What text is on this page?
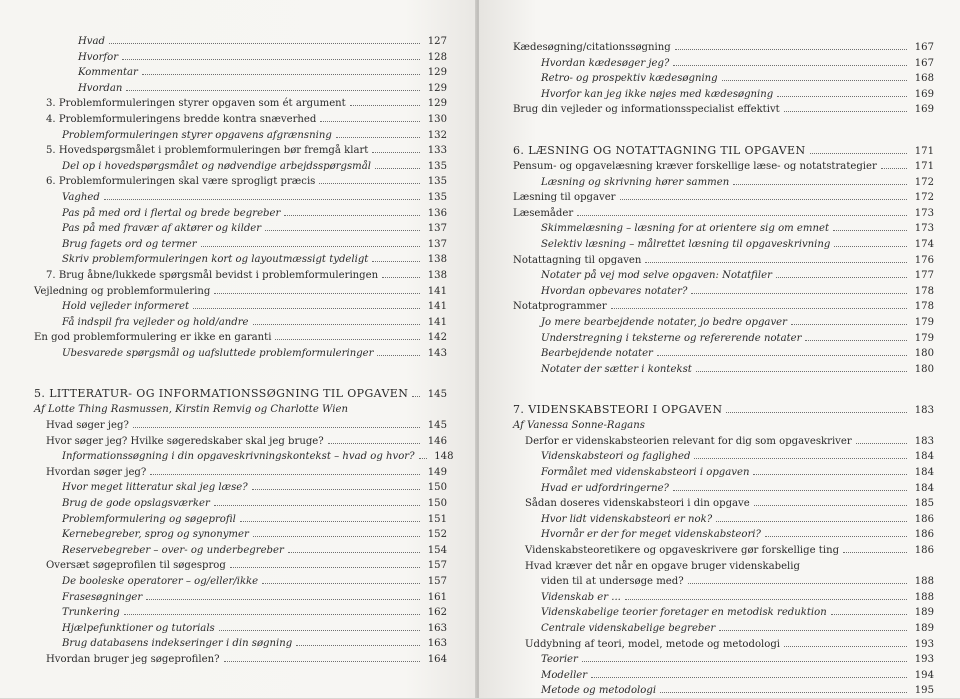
Hvad	127
Hvorfor	128
Kommentar	129
Hvordan	129
3. Problemformuleringen styrer opgaven som ét argument	129
4. Problemformuleringens bredde kontra snæverhed	130
Problemformuleringen styrer opgavens afgrænsning	132
5. Hovedspørgsmålet i problemformuleringen bør fremgå klart	133
Del op i hovedspørgsmålet og nødvendige arbejdsspørgsmål	135
6. Problemformuleringen skal være sprogligt præcis	135
Vaghed	135
Pas på med ord i flertal og brede begreber	136
Pas på med fravær af aktører og kilder	137
Brug fagets ord og termer	137
Skriv problemformuleringen kort og layoutmæssigt tydeligt	138
7. Brug åbne/lukkede spørgsmål bevidst i problemformuleringen	138
Vejledning og problemformulering	141
Hold vejleder informeret	141
Få indspil fra vejleder og hold/andre	141
En god problemformulering er ikke en garanti	142
Ubesvarede spørgsmål og uafsluttede problemformuleringer	143
5. LITTERATUR- OG INFORMATIONSSØGNING TIL OPGAVEN	145
Af Lotte Thing Rasmussen, Kirstin Remvig og Charlotte Wien
Hvad søger jeg?	145
Hvor søger jeg? Hvilke søgeredskaber skal jeg bruge?	146
Informationssøgning i din opgaveskrivningskontekst – hvad og hvor?	148
Hvordan søger jeg?	149
Hvor meget litteratur skal jeg læse?	150
Brug de gode opslagsværker	150
Problemformulering og søgeprofil	151
Kernebegreber, sprog og synonymer	152
Reservebegreber – over- og underbegreber	154
Oversæt søgeprofilen til søgesprog	157
De booleske operatorer – og/eller/ikke	157
Frasesøgninger	161
Trunkering	162
Hjælpefunktioner og tutorials	163
Brug databasens indekseringer i din søgning	163
Hvordan bruger jeg søgeprofilen?	164
Kædesøgning/citationssøgning	167
Hvordan kædesøger jeg?	167
Retro- og prospektiv kædesøgning	168
Hvorfor kan jeg ikke nøjes med kædesøgning	169
Brug din vejleder og informationsspecialist effektivt	169
6. LÆSNING OG NOTATTAGNING TIL OPGAVEN	171
Pensum- og opgavelæsning kræver forskellige læse- og notatstrategier	171
Læsning og skrivning hører sammen	172
Læsning til opgaver	172
Læsemåder	173
Skimmelæsning – læsning for at orientere sig om emnet	173
Selektiv læsning – målrettet læsning til opgaveskrivning	174
Notattagning til opgaven	176
Notater på vej mod selve opgaven: Notatfiler	177
Hvordan opbevares notater?	178
Notatprogrammer	178
Jo mere bearbejdende notater, jo bedre opgaver	179
Understregning i teksterne og refererende notater	179
Bearbejdende notater	180
Notater der sætter i kontekst	180
7. VIDENSKABSTEORI I OPGAVEN	183
Af Vanessa Sonne-Ragans
Derfor er videnskabsteorien relevant for dig som opgaveskriver	183
Videnskabsteori og faglighed	184
Formålet med videnskabsteori i opgaven	184
Hvad er udfordringerne?	184
Sådan doseres videnskabsteori i din opgave	185
Hvor lidt videnskabsteori er nok?	186
Hvornår er der for meget videnskabsteori?	186
Videnskabsteoretikere og opgaveskrivere gør forskellige ting	186
Hvad kræver det når en opgave bruger videnskabelig
viden til at undersøge med?	188
Videnskab er ...	188
Videnskabelige teorier foretager en metodisk reduktion	189
Centrale videnskabelige begreber	189
Uddybning af teori, model, metode og metodologi	193
Teorier	193
Modeller	194
Metode og metodologi	195
